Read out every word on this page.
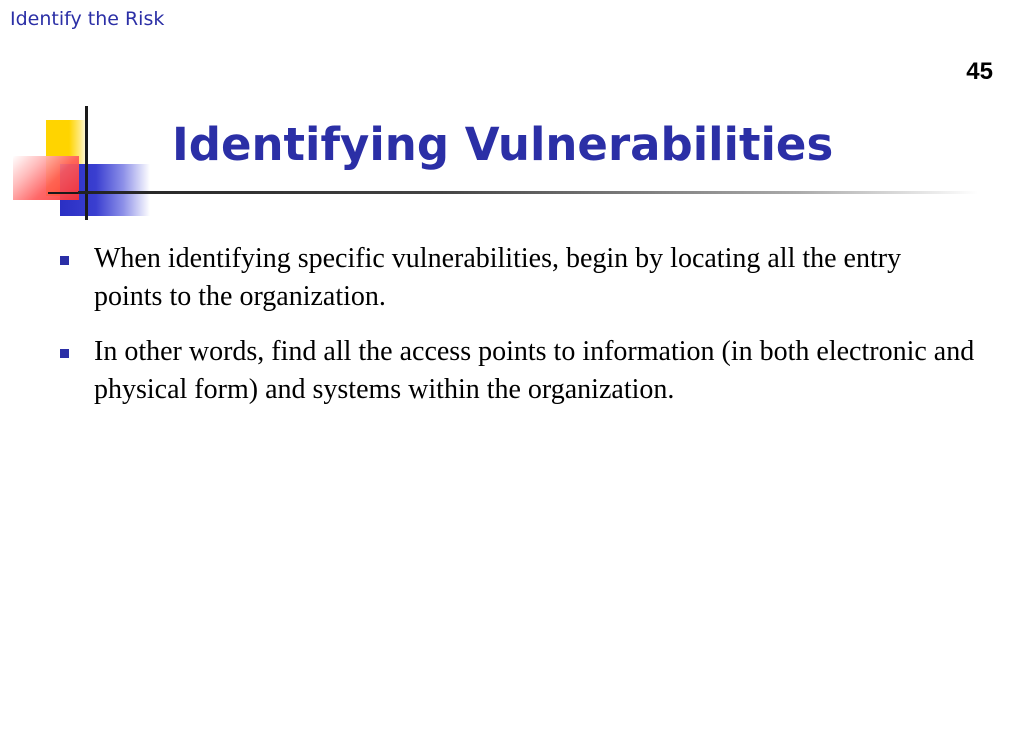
Identify the Risk
45
Identifying Vulnerabilities
When identifying specific vulnerabilities, begin by locating all the entry points to the organization.
In other words, find all the access points to information (in both electronic and physical form) and systems within the organization.
